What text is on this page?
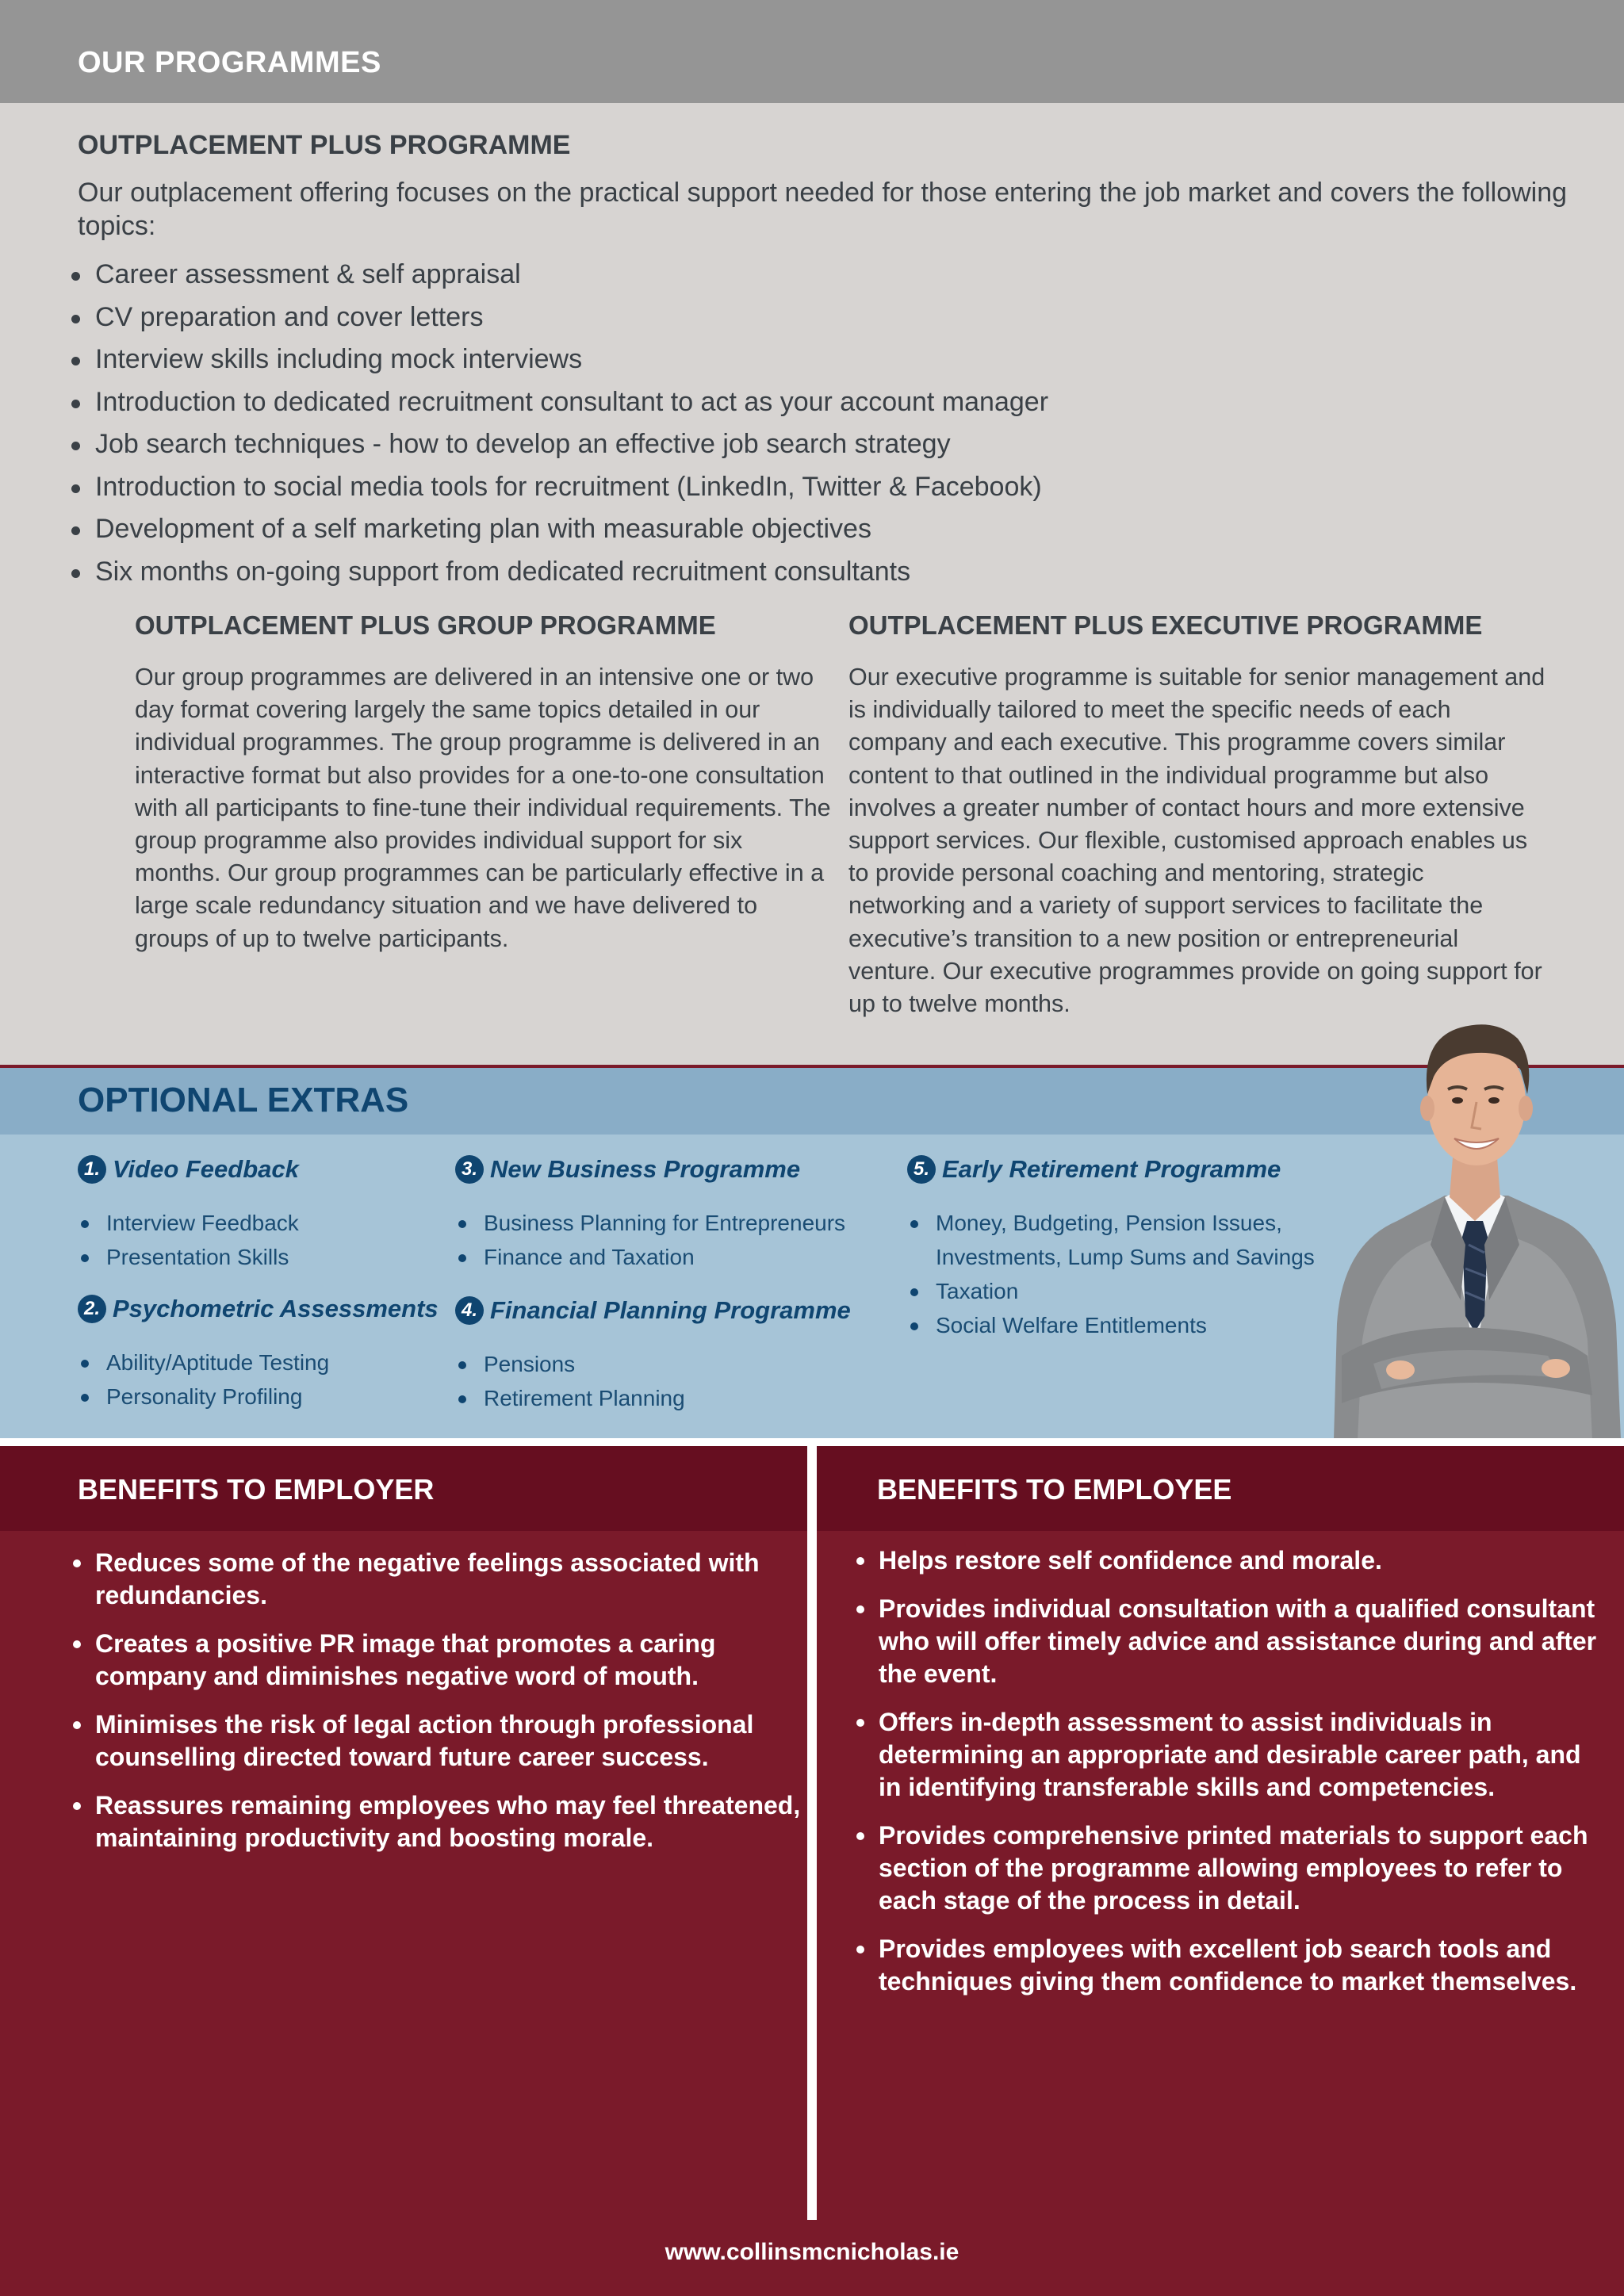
OUR PROGRAMMES
OUTPLACEMENT PLUS PROGRAMME
Our outplacement offering focuses on the practical support needed for those entering the job market and covers the following topics:
Career assessment & self appraisal
CV preparation and cover letters
Interview skills including mock interviews
Introduction to dedicated recruitment consultant to act as your account manager
Job search techniques - how to develop an effective job search strategy
Introduction to social media tools for recruitment (LinkedIn, Twitter & Facebook)
Development of a self marketing plan with measurable objectives
Six months on-going support from dedicated recruitment consultants
OUTPLACEMENT PLUS GROUP PROGRAMME

Our group programmes are delivered in an intensive one or two day format covering largely the same topics detailed in our individual programmes. The group programme is delivered in an interactive format but also provides for a one-to-one consultation with all participants to fine-tune their individual requirements. The group programme also provides individual support for six months. Our group programmes can be particularly effective in a large scale redundancy situation and we have delivered to groups of up to twelve participants.

OUTPLACEMENT PLUS EXECUTIVE PROGRAMME

Our executive programme is suitable for senior management and is individually tailored to meet the specific needs of each company and each executive. This programme covers similar content to that outlined in the individual programme but also involves a greater number of contact hours and more extensive support services. Our flexible, customised approach enables us to provide personal coaching and mentoring, strategic networking and a variety of support services to facilitate the executive’s transition to a new position or entrepreneurial venture. Our executive programmes provide on going support for up to twelve months.

OPTIONAL EXTRAS
1. Video Feedback
Interview Feedback
Presentation Skills
2. Psychometric Assessments
Ability/Aptitude Testing
Personality Profiling
3. New Business Programme
Business Planning for Entrepreneurs
Finance and Taxation
4. Financial Planning Programme
Pensions
Retirement Planning
5. Early Retirement Programme
Money, Budgeting, Pension Issues,
Investments, Lump Sums and Savings
Taxation
Social Welfare Entitlements
BENEFITS TO EMPLOYER	BENEFITS TO EMPLOYEE
Reduces some of the negative feelings associated with redundancies.
Creates a positive PR image that promotes a caring company and diminishes negative word of mouth.
Minimises the risk of legal action through professional counselling directed toward future career success.
Reassures remaining employees who may feel threatened, maintaining productivity and boosting morale.
Helps restore self confidence and morale.
Provides individual consultation with a qualified consultant who will offer timely advice and assistance during and after the event.
Offers in-depth assessment to assist individuals in determining an appropriate and desirable career path, and in identifying transferable skills and competencies.
Provides comprehensive printed materials to support each section of the programme allowing employees to refer to each stage of the process in detail.
Provides employees with excellent job search tools and techniques giving them confidence to market themselves.
www.collinsmcnicholas.ie
